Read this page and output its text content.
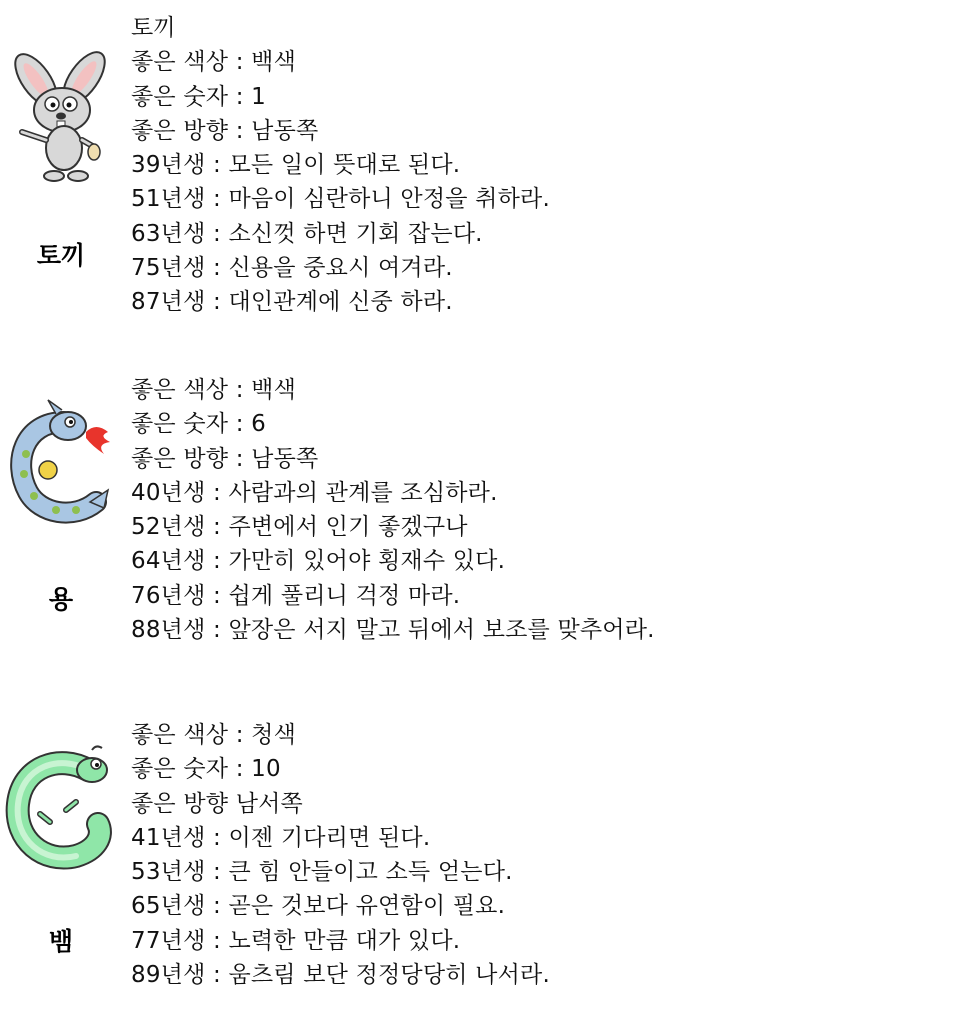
토끼
토끼
좋은 색상 : 백색
좋은 숫자 : 1
좋은 방향 : 남동쪽
39년생 : 모든 일이 뜻대로 된다.
51년생 : 마음이 심란하니 안정을 취하라.
63년생 : 소신껏 하면 기회 잡는다.
75년생 : 신용을 중요시 여겨라.
87년생 : 대인관계에 신중 하라.
용
좋은 색상 : 백색
좋은 숫자 : 6
좋은 방향 : 남동쪽
40년생 : 사람과의 관계를 조심하라.
52년생 : 주변에서 인기 좋겠구나
64년생 : 가만히 있어야 횡재수 있다.
76년생 : 쉽게 풀리니 걱정 마라.
88년생 : 앞장은 서지 말고 뒤에서 보조를 맞추어라.
뱀
좋은 색상 : 청색
좋은 숫자 : 10
좋은 방향 남서쪽
41년생 : 이젠 기다리면 된다.
53년생 : 큰 힘 안들이고 소득 얻는다.
65년생 : 곧은 것보다 유연함이 필요.
77년생 : 노력한 만큼 대가 있다.
89년생 : 움츠림 보단 정정당당히 나서라.
